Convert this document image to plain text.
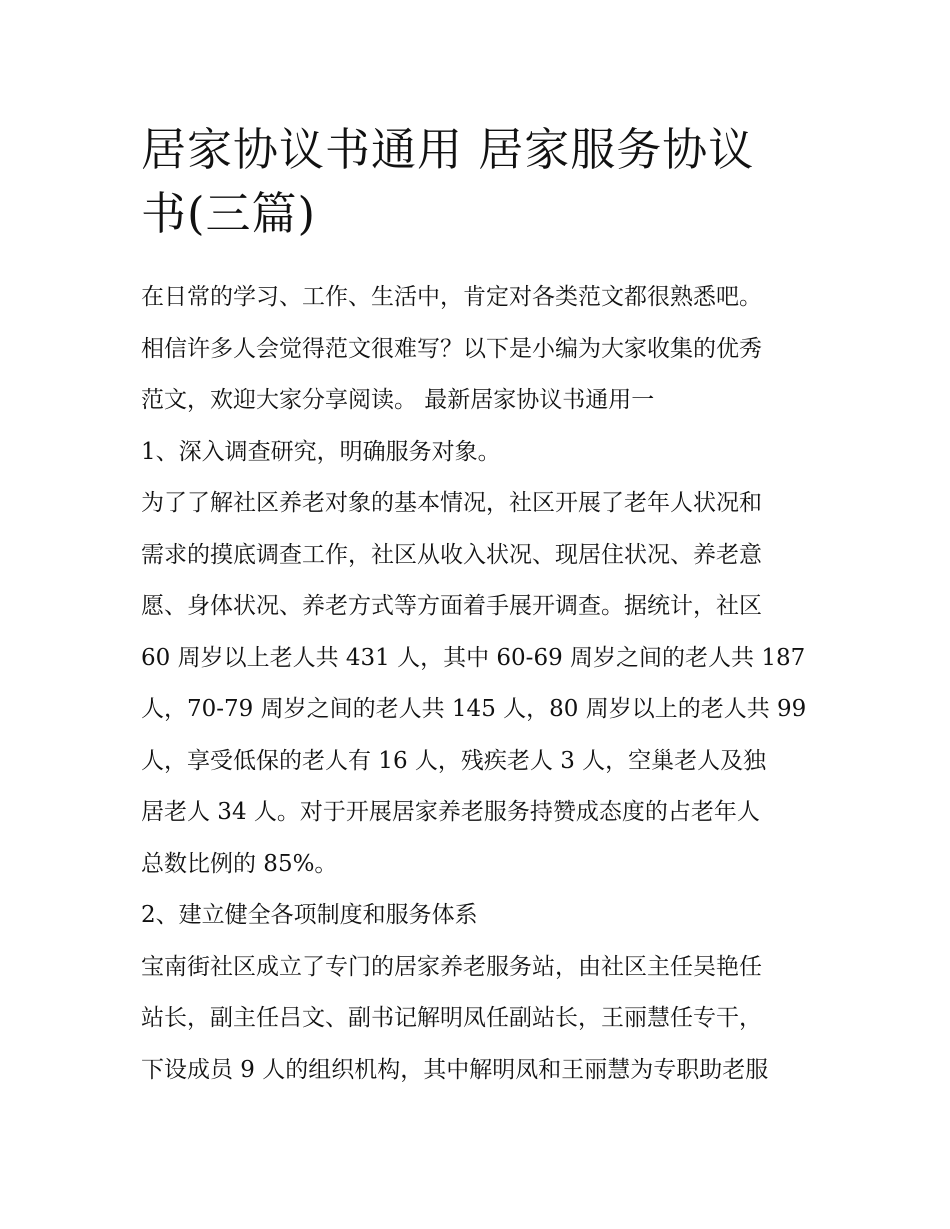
居家协议书通用 居家服务协议
书(三篇)

在日常的学习、工作、生活中，肯定对各类范文都很熟悉吧。
相信许多人会觉得范文很难写？以下是小编为大家收集的优秀
范文，欢迎大家分享阅读。 最新居家协议书通用一

1、深入调查研究，明确服务对象。

为了了解社区养老对象的基本情况，社区开展了老年人状况和
需求的摸底调查工作，社区从收入状况、现居住状况、养老意
愿、身体状况、养老方式等方面着手展开调查。据统计，社区
60 周岁以上老人共 431 人，其中 60-69 周岁之间的老人共 187
人，70-79 周岁之间的老人共 145 人，80 周岁以上的老人共 99
人，享受低保的老人有 16 人，残疾老人 3 人，空巢老人及独
居老人 34 人。对于开展居家养老服务持赞成态度的占老年人
总数比例的 85%。

2、建立健全各项制度和服务体系

宝南街社区成立了专门的居家养老服务站，由社区主任吴艳任
站长，副主任吕文、副书记解明凤任副站长，王丽慧任专干，
下设成员 9 人的组织机构，其中解明凤和王丽慧为专职助老服
